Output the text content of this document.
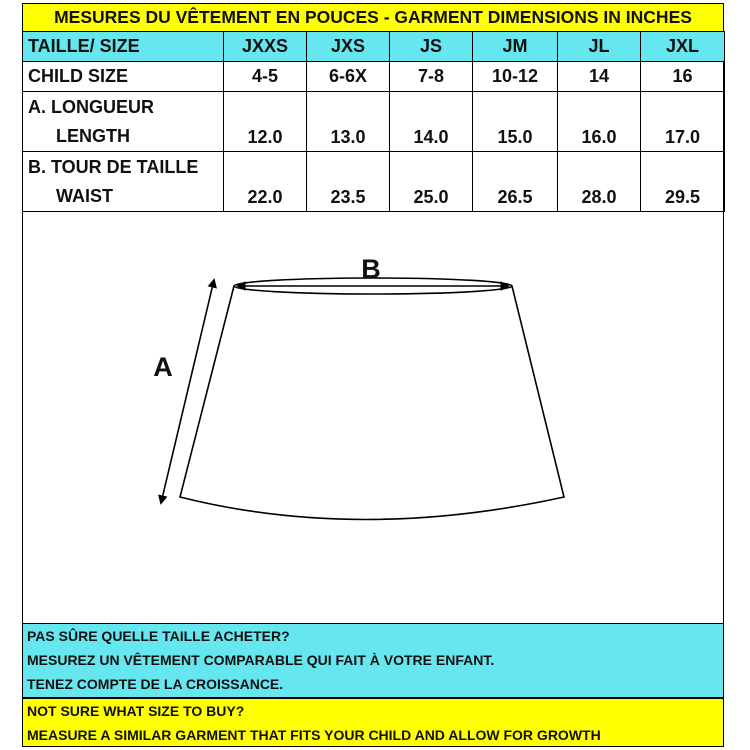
MESURES DU VÊTEMENT EN POUCES - GARMENT DIMENSIONS IN INCHES
TAILLE/ SIZE	JXXS	JXS	JS	JM	JL	JXL
CHILD SIZE	4-5	6-6X	7-8	10-12	14	16

A. LONGUEUR
LENGTH	12.0	13.0	14.0	15.0	16.0	17.0

B. TOUR DE TAILLE
WAIST	22.0	23.5	25.0	26.5	28.0	29.5
B
A
PAS SÛRE QUELLE TAILLE ACHETER?
MESUREZ UN VÊTEMENT COMPARABLE QUI FAIT À VOTRE ENFANT.
TENEZ COMPTE DE LA CROISSANCE.
NOT SURE WHAT SIZE TO BUY?
MEASURE A SIMILAR GARMENT THAT FITS YOUR CHILD AND ALLOW FOR GROWTH
